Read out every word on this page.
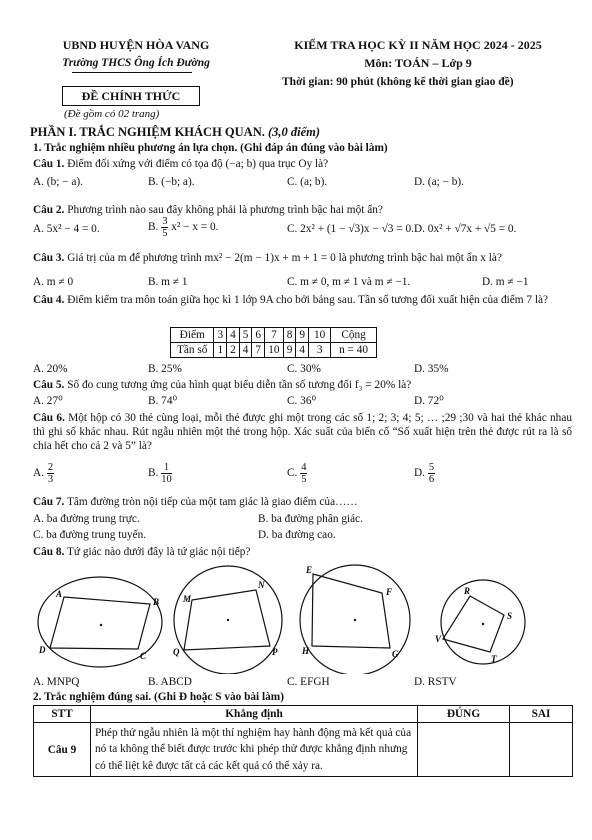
UBND HUYỆN HÒA VANG
Trường THCS Ông Ích Đường
ĐỀ CHÍNH THỨC
(Đề gồm có 02 trang)
KIỂM TRA HỌC KỲ II NĂM HỌC 2024 - 2025
Môn: TOÁN – Lớp 9
Thời gian: 90 phút (không kể thời gian giao đề)
PHẦN I. TRẮC NGHIỆM KHÁCH QUAN. (3,0 điểm)
1. Trắc nghiệm nhiều phương án lựa chọn. (Ghi đáp án đúng vào bài làm)
Câu 1. Điểm đối xứng với điểm có tọa độ (−a; b) qua trục Oy là?
A. (b; − a).	B. (−b; a).	C. (a; b).	D. (a; − b).
Câu 2. Phương trình nào sau đây không phải là phương trình bậc hai một ẩn?
A. 5x² − 4 = 0.	B. $\frac{3}{5} x^2 - x = 0$.	C. 2x² + (1 − √3)x − √3 = 0. D. 0x² + √7x + √5 = 0.
Câu 3. Giá trị của m để phương trình mx² − 2(m − 1)x + m + 1 = 0 là phương trình bậc hai một ẩn x là?
A. m ≠ 0	B. m ≠ 1	C. m ≠ 0, m ≠ 1 và m ≠ −1.	D. m ≠ −1
Câu 4. Điểm kiểm tra môn toán giữa học kì 1 lớp 9A cho bởi bảng sau. Tần số tương đối xuất hiện của điểm 7 là?
Điểm	3	4	5	6	7	8	9	10	Cộng
Tần số	1	2	4	7	10	9	4	3	n = 40
A. 20%	B. 25%	C. 30%	D. 35%
Câu 5. Số đo cung tương ứng của hình quạt biểu diễn tần số tương đối f₃ = 20% là?
A. 27⁰	B. 74⁰	C. 36⁰	D. 72⁰
Câu 6. Một hộp có 30 thẻ cùng loại, mỗi thẻ được ghi một trong các số 1; 2; 3; 4; 5; … ;29 ;30 và hai thẻ khác nhau thì ghi số khác nhau. Rút ngẫu nhiên một thẻ trong hộp. Xác suất của biến cố “Số xuất hiện trên thẻ được rút ra là số chia hết cho cả 2 và 5” là?
A. $\frac{2}{3}$	B. $\frac{1}{10}$	C. $\frac{4}{5}$	D. $\frac{5}{6}$
Câu 7. Tâm đường tròn nội tiếp của một tam giác là giao điểm của……
A. ba đường trung trực.	B. ba đường phân giác.
C. ba đường trung tuyến.	D. ba đường cao.
Câu 8. Tứ giác nào dưới đây là tứ giác nội tiếp?
A
B
C
D
M
N
P
Q
E
F
G
H
R
S
T
V
A. MNPQ	B. ABCD	C. EFGH	D. RSTV
2. Trắc nghiệm đúng sai. (Ghi Đ hoặc S vào bài làm)
STT	Khẳng định	ĐÚNG	SAI
Câu 9	Phép thử ngẫu nhiên là một thí nghiệm hay hành động mà kết quả của nó ta không thể biết được trước khi phép thử được khẳng định nhưng có thể liệt kê được tất cả các kết quả có thể xảy ra.		
